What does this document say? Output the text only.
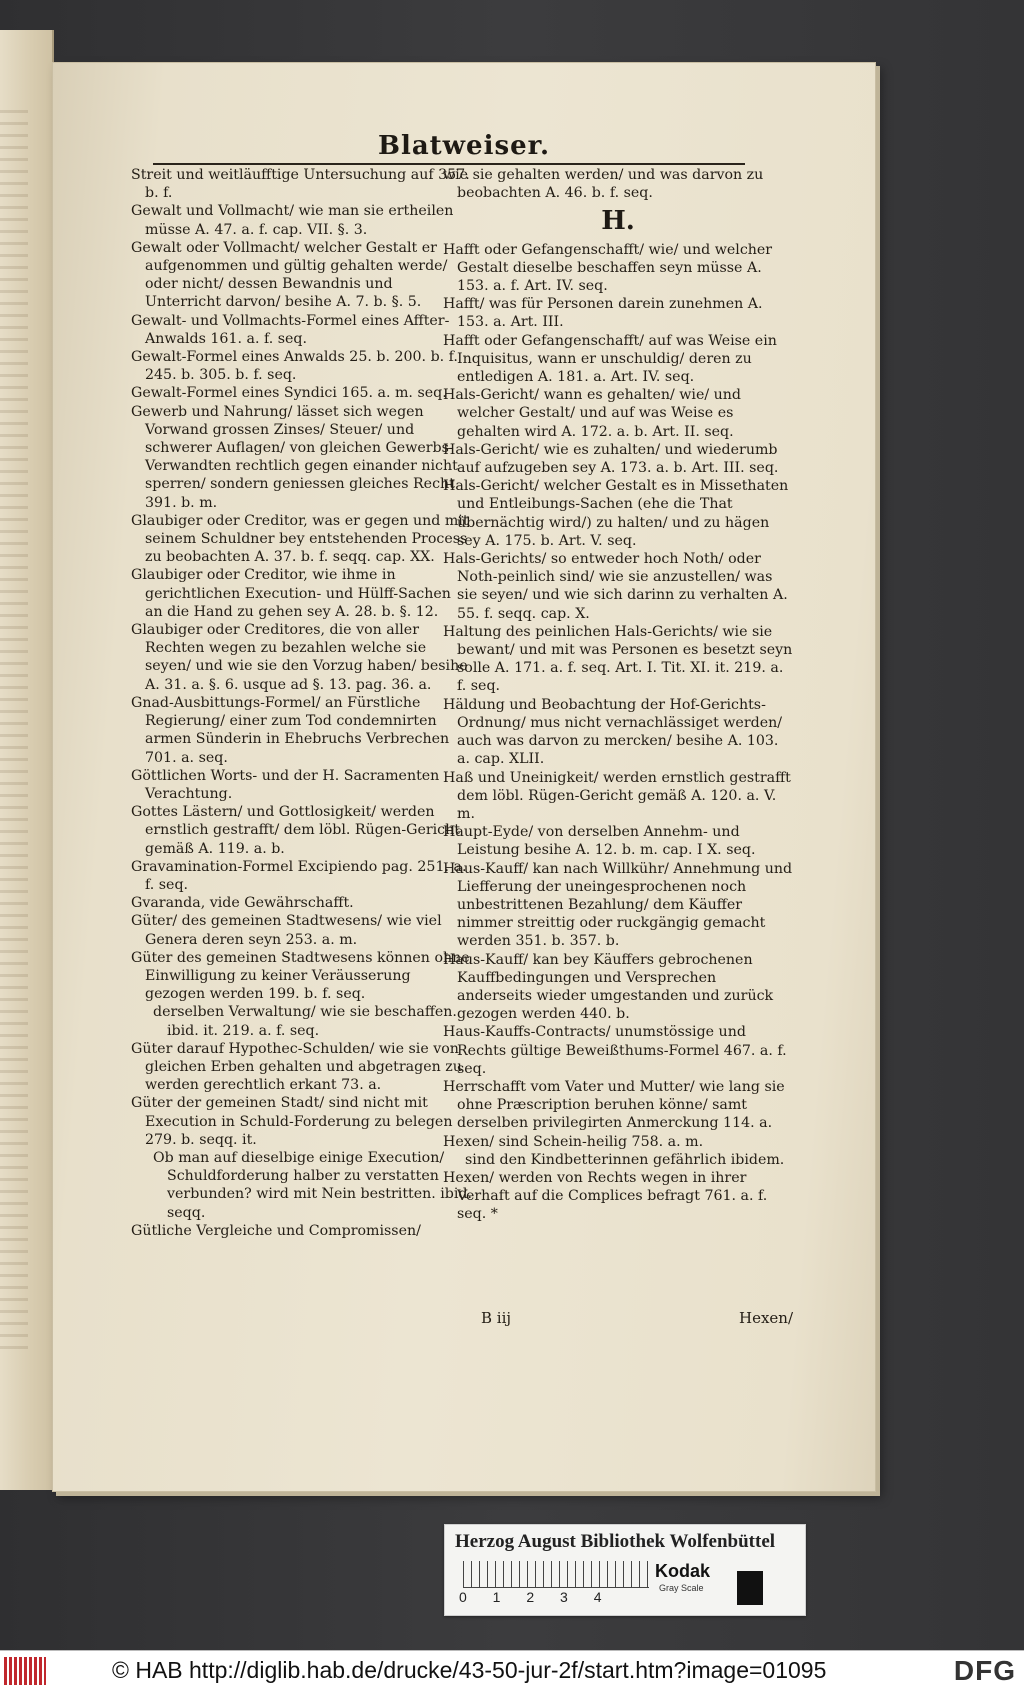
Blatweiser.
Streit und weitläufftige Untersuchung auf 357. b. f.
Gewalt und Vollmacht/ wie man sie ertheilen müsse A. 47. a. f. cap. VII. §. 3.
Gewalt oder Vollmacht/ welcher Gestalt er aufgenommen und gültig gehalten werde/ oder nicht/ dessen Bewandnis und Unterricht darvon/ besihe A. 7. b. §. 5.
Gewalt- und Vollmachts-Formel eines Affter-Anwalds 161. a. f. seq.
Gewalt-Formel eines Anwalds 25. b. 200. b. f. 245. b. 305. b. f. seq.
Gewalt-Formel eines Syndici 165. a. m. seq.
Gewerb und Nahrung/ lässet sich wegen Vorwand grossen Zinses/ Steuer/ und schwerer Auflagen/ von gleichen Gewerbs-Verwandten rechtlich gegen einander nicht sperren/ sondern geniessen gleiches Recht 391. b. m.
Glaubiger oder Creditor, was er gegen und mit seinem Schuldner bey entstehenden Process zu beobachten A. 37. b. f. seqq. cap. XX.
Glaubiger oder Creditor, wie ihme in gerichtlichen Execution- und Hülff-Sachen an die Hand zu gehen sey A. 28. b. §. 12.
Glaubiger oder Creditores, die von aller Rechten wegen zu bezahlen welche sie seyen/ und wie sie den Vorzug haben/ besihe A. 31. a. §. 6. usque ad §. 13. pag. 36. a.
Gnad-Ausbittungs-Formel/ an Fürstliche Regierung/ einer zum Tod condemnirten armen Sünderin in Ehebruchs Verbrechen 701. a. seq.
Göttlichen Worts- und der H. Sacramenten Verachtung.
Gottes Lästern/ und Gottlosigkeit/ werden ernstlich gestrafft/ dem löbl. Rügen-Gericht gemäß A. 119. a. b.
Gravamination-Formel Excipiendo pag. 251. a. f. seq.
Gvaranda, vide Gewährschafft.
Güter/ des gemeinen Stadtwesens/ wie viel Genera deren seyn 253. a. m.
Güter des gemeinen Stadtwesens können ohne Einwilligung zu keiner Veräusserung gezogen werden 199. b. f. seq.
derselben Verwaltung/ wie sie beschaffen. ibid. it. 219. a. f. seq.
Güter darauf Hypothec-Schulden/ wie sie von gleichen Erben gehalten und abgetragen zu werden gerechtlich erkant 73. a.
Güter der gemeinen Stadt/ sind nicht mit Execution in Schuld-Forderung zu belegen 279. b. seqq. it.
Ob man auf dieselbige einige Execution/ Schuldforderung halber zu verstatten verbunden? wird mit Nein bestritten. ibid. seqq.
Gütliche Vergleiche und Compromissen/
wie sie gehalten werden/ und was darvon zu beobachten A. 46. b. f. seq.
H.
Hafft oder Gefangenschafft/ wie/ und welcher Gestalt dieselbe beschaffen seyn müsse A. 153. a. f. Art. IV. seq.
Hafft/ was für Personen darein zunehmen A. 153. a. Art. III.
Hafft oder Gefangenschafft/ auf was Weise ein Inquisitus, wann er unschuldig/ deren zu entledigen A. 181. a. Art. IV. seq.
Hals-Gericht/ wann es gehalten/ wie/ und welcher Gestalt/ und auf was Weise es gehalten wird A. 172. a. b. Art. II. seq.
Hals-Gericht/ wie es zuhalten/ und wiederumb auf aufzugeben sey A. 173. a. b. Art. III. seq.
Hals-Gericht/ welcher Gestalt es in Missethaten und Entleibungs-Sachen (ehe die That übernächtig wird/) zu halten/ und zu hägen sey A. 175. b. Art. V. seq.
Hals-Gerichts/ so entweder hoch Noth/ oder Noth-peinlich sind/ wie sie anzustellen/ was sie seyen/ und wie sich darinn zu verhalten A. 55. f. seqq. cap. X.
Haltung des peinlichen Hals-Gerichts/ wie sie bewant/ und mit was Personen es besetzt seyn solle A. 171. a. f. seq. Art. I. Tit. XI. it. 219. a. f. seq.
Häldung und Beobachtung der Hof-Gerichts-Ordnung/ mus nicht vernachlässiget werden/ auch was darvon zu mercken/ besihe A. 103. a. cap. XLII.
Haß und Uneinigkeit/ werden ernstlich gestrafft dem löbl. Rügen-Gericht gemäß A. 120. a. V. m.
Haupt-Eyde/ von derselben Annehm- und Leistung besihe A. 12. b. m. cap. I X. seq.
Haus-Kauff/ kan nach Willkühr/ Annehmung und Liefferung der uneingesprochenen noch unbestrittenen Bezahlung/ dem Käuffer nimmer streittig oder ruckgängig gemacht werden 351. b. 357. b.
Haus-Kauff/ kan bey Käuffers gebrochenen Kauffbedingungen und Versprechen anderseits wieder umgestanden und zurück gezogen werden 440. b.
Haus-Kauffs-Contracts/ unumstössige und Rechts gültige Beweißthums-Formel 467. a. f. seq.
Herrschafft vom Vater und Mutter/ wie lang sie ohne Præscription beruhen könne/ samt derselben privilegirten Anmerckung 114. a.
Hexen/ sind Schein-heilig 758. a. m.
sind den Kindbetterinnen gefährlich ibidem.
Hexen/ werden von Rechts wegen in ihrer Verhaft auf die Complices befragt 761. a. f. seq. *
B iij	Hexen/
Herzog August Bibliothek Wolfenbüttel
0 1 2 3 4
Kodak
Gray Scale
© HAB http://diglib.hab.de/drucke/43-50-jur-2f/start.htm?image=01095	DFG
